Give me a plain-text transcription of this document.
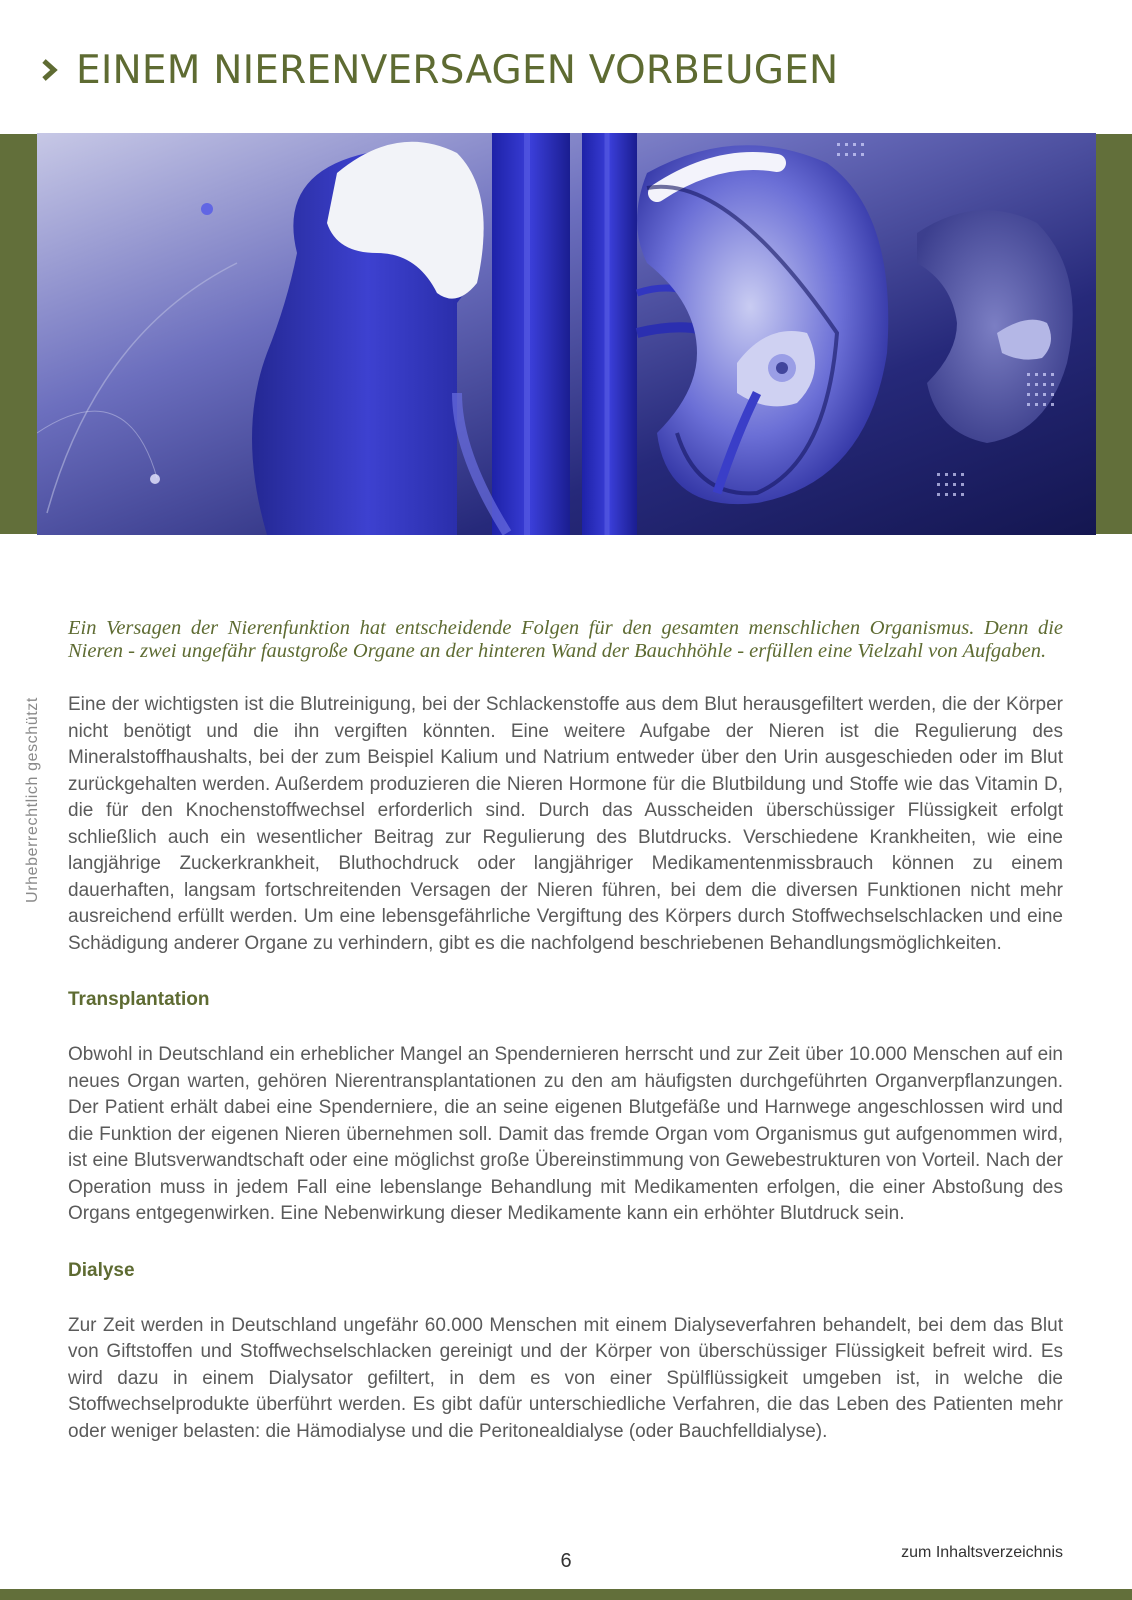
EINEM NIERENVERSAGEN VORBEUGEN
Urheberrechtlich geschützt

Ein Versagen der Nierenfunktion hat entscheidende Folgen für den gesamten menschlichen Organismus. Denn die Nieren - zwei ungefähr faustgroße Organe an der hinteren Wand der Bauchhöhle - erfüllen eine Vielzahl von Aufgaben.

Eine der wichtigsten ist die Blutreinigung, bei der Schlackenstoffe aus dem Blut herausgefiltert werden, die der Körper nicht benötigt und die ihn vergiften könnten. Eine weitere Aufgabe der Nieren ist die Regulierung des Mineralstoffhaushalts, bei der zum Beispiel Kalium und Natrium entweder über den Urin ausgeschieden oder im Blut zurückgehalten werden. Außerdem produzieren die Nieren Hormone für die Blutbildung und Stoffe wie das Vitamin D, die für den Knochenstoffwechsel erforderlich sind. Durch das Ausscheiden überschüssiger Flüssigkeit erfolgt schließlich auch ein wesentlicher Beitrag zur Regulierung des Blutdrucks. Verschiedene Krankheiten, wie eine langjährige Zuckerkrankheit, Bluthochdruck oder langjähriger Medikamentenmissbrauch können zu einem dauerhaften, langsam fortschreitenden Versagen der Nieren führen, bei dem die diversen Funktionen nicht mehr ausreichend erfüllt werden. Um eine lebensgefährliche Vergiftung des Körpers durch Stoffwechselschlacken und eine Schädigung anderer Organe zu verhindern, gibt es die nachfolgend beschriebenen Behandlungsmöglichkeiten.

Transplantation

Obwohl in Deutschland ein erheblicher Mangel an Spendernieren herrscht und zur Zeit über 10.000 Menschen auf ein neues Organ warten, gehören Nierentransplantationen zu den am häufigsten durchgeführten Organverpflanzungen. Der Patient erhält dabei eine Spenderniere, die an seine eigenen Blutgefäße und Harnwege angeschlossen wird und die Funktion der eigenen Nieren übernehmen soll. Damit das fremde Organ vom Organismus gut aufgenommen wird, ist eine Blutsverwandtschaft oder eine möglichst große Übereinstimmung von Gewebestrukturen von Vorteil. Nach der Operation muss in jedem Fall eine lebenslange Behandlung mit Medikamenten erfolgen, die einer Abstoßung des Organs entgegenwirken. Eine Nebenwirkung dieser Medikamente kann ein erhöhter Blutdruck sein.

Dialyse

Zur Zeit werden in Deutschland ungefähr 60.000 Menschen mit einem Dialyseverfahren behandelt, bei dem das Blut von Giftstoffen und Stoffwechselschlacken gereinigt und der Körper von überschüssiger Flüssigkeit befreit wird. Es wird dazu in einem Dialysator gefiltert, in dem es von einer Spülflüssigkeit umgeben ist, in welche die Stoffwechselprodukte überführt werden. Es gibt dafür unterschiedliche Verfahren, die das Leben des Patienten mehr oder weniger belasten: die Hämodialyse und die Peritonealdialyse (oder Bauchfelldialyse).

6	zum Inhaltsverzeichnis
